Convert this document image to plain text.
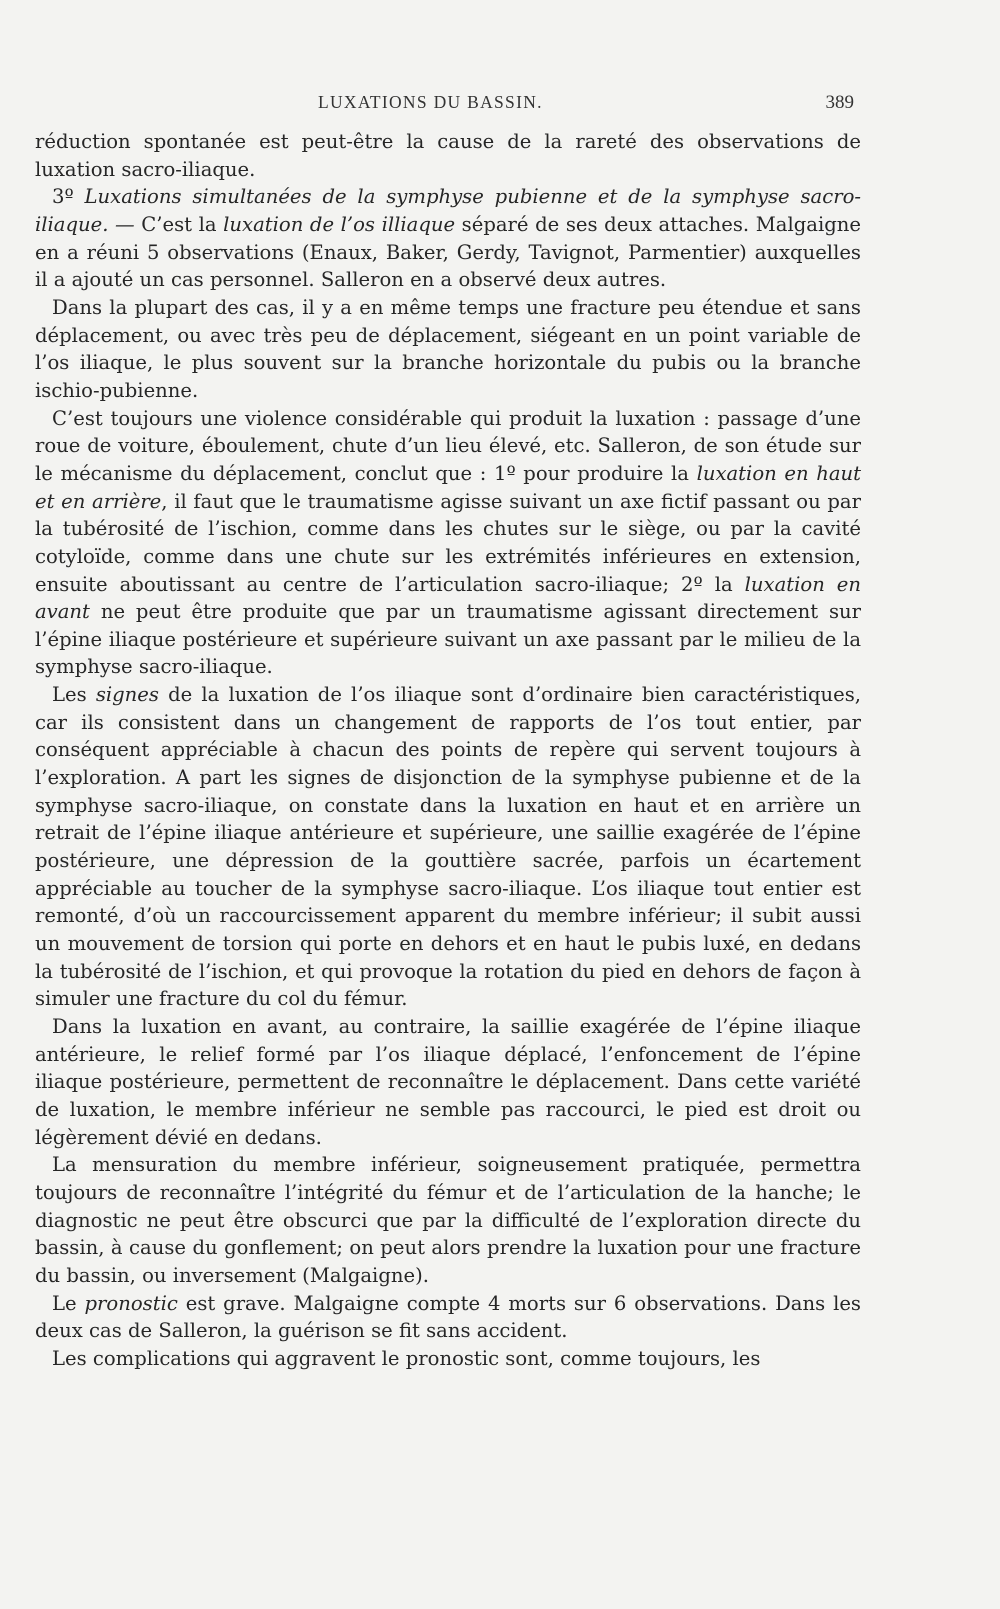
LUXATIONS DU BASSIN.	389

réduction spontanée est peut-être la cause de la rareté des observations de luxation sacro-iliaque.

3º Luxations simultanées de la symphyse pubienne et de la symphyse sacro-iliaque. — C’est la luxation de l’os illiaque séparé de ses deux attaches. Malgaigne en a réuni 5 observations (Enaux, Baker, Gerdy, Tavignot, Parmentier) auxquelles il a ajouté un cas personnel. Salleron en a observé deux autres.

Dans la plupart des cas, il y a en même temps une fracture peu étendue et sans déplacement, ou avec très peu de déplacement, siégeant en un point variable de l’os iliaque, le plus souvent sur la branche horizontale du pubis ou la branche ischio-pubienne.

C’est toujours une violence considérable qui produit la luxation : passage d’une roue de voiture, éboulement, chute d’un lieu élevé, etc. Salleron, de son étude sur le mécanisme du déplacement, conclut que : 1º pour produire la luxation en haut et en arrière, il faut que le traumatisme agisse suivant un axe fictif passant ou par la tubérosité de l’ischion, comme dans les chutes sur le siège, ou par la cavité cotyloïde, comme dans une chute sur les extrémités inférieures en extension, ensuite aboutissant au centre de l’articulation sacro-iliaque; 2º la luxation en avant ne peut être produite que par un traumatisme agissant directement sur l’épine iliaque postérieure et supérieure suivant un axe passant par le milieu de la symphyse sacro-iliaque.

Les signes de la luxation de l’os iliaque sont d’ordinaire bien caractéristiques, car ils consistent dans un changement de rapports de l’os tout entier, par conséquent appréciable à chacun des points de repère qui servent toujours à l’exploration. A part les signes de disjonction de la symphyse pubienne et de la symphyse sacro-iliaque, on constate dans la luxation en haut et en arrière un retrait de l’épine iliaque antérieure et supérieure, une saillie exagérée de l’épine postérieure, une dépression de la gouttière sacrée, parfois un écartement appréciable au toucher de la symphyse sacro-iliaque. L’os iliaque tout entier est remonté, d’où un raccourcissement apparent du membre inférieur; il subit aussi un mouvement de torsion qui porte en dehors et en haut le pubis luxé, en dedans la tubérosité de l’ischion, et qui provoque la rotation du pied en dehors de façon à simuler une fracture du col du fémur.

Dans la luxation en avant, au contraire, la saillie exagérée de l’épine iliaque antérieure, le relief formé par l’os iliaque déplacé, l’enfoncement de l’épine iliaque postérieure, permettent de reconnaître le déplacement. Dans cette variété de luxation, le membre inférieur ne semble pas raccourci, le pied est droit ou légèrement dévié en dedans.

La mensuration du membre inférieur, soigneusement pratiquée, permettra toujours de reconnaître l’intégrité du fémur et de l’articulation de la hanche; le diagnostic ne peut être obscurci que par la difficulté de l’exploration directe du bassin, à cause du gonflement; on peut alors prendre la luxation pour une fracture du bassin, ou inversement (Malgaigne).

Le pronostic est grave. Malgaigne compte 4 morts sur 6 observations. Dans les deux cas de Salleron, la guérison se fit sans accident.

Les complications qui aggravent le pronostic sont, comme toujours, les
